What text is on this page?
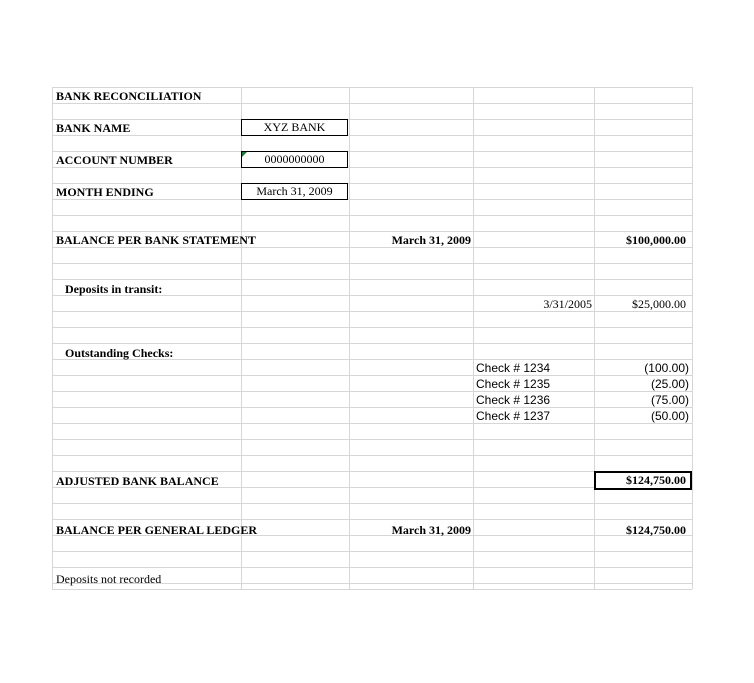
BANK RECONCILIATION
BANK NAME	XYZ BANK
ACCOUNT NUMBER	0000000000
MONTH ENDING	March 31, 2009
BALANCE PER BANK STATEMENT	March 31, 2009	$100,000.00
Deposits in transit:
3/31/2005	$25,000.00
Outstanding Checks:
Check # 1234	(100.00)
Check # 1235	(25.00)
Check # 1236	(75.00)
Check # 1237	(50.00)
ADJUSTED BANK BALANCE	$124,750.00
BALANCE PER GENERAL LEDGER	March 31, 2009	$124,750.00
Deposits not recorded
